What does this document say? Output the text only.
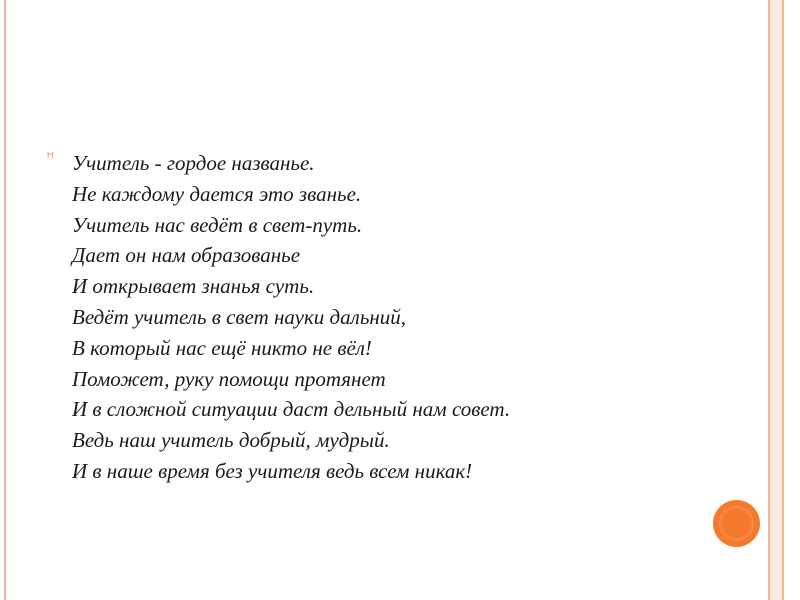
ꟸ Учитель - гордое названье.
Не каждому дается это званье.
Учитель нас ведёт в свет-путь.
Дает он нам образованье
И открывает знанья суть.
Ведёт учитель в свет науки дальний,
В который нас ещё никто не вёл!
Поможет, руку помощи протянет
И в сложной ситуации даст дельный нам совет.
Ведь наш учитель добрый, мудрый.
И в наше время без учителя ведь всем никак!
